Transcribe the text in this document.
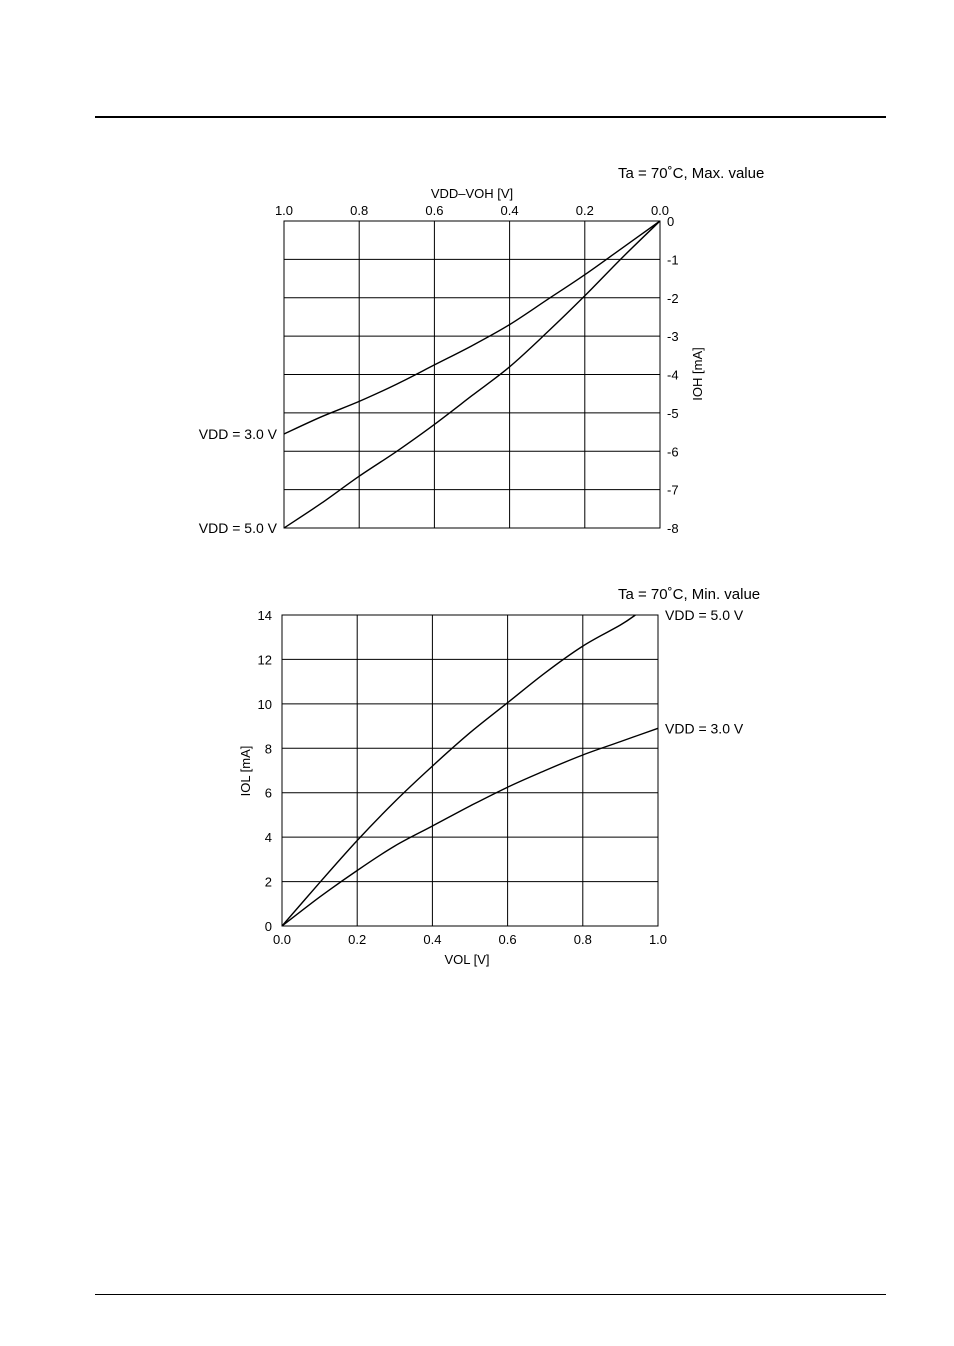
Ta = 70˚C, Max. value
VDD–VOH [V]
IOH [mA]
1.0	0.8	0.6	0.4	0.2	0.0
0
-1
-2
-3
-4
-5
-6
-7
-8
VDD = 3.0 V
VDD = 5.0 V
Ta = 70˚C, Min. value
VOL [V]
IOL [mA]
0.0	0.2	0.4	0.6	0.8	1.0
0
2
4
6
8
10
12
14	VDD = 5.0 V
VDD = 3.0 V
